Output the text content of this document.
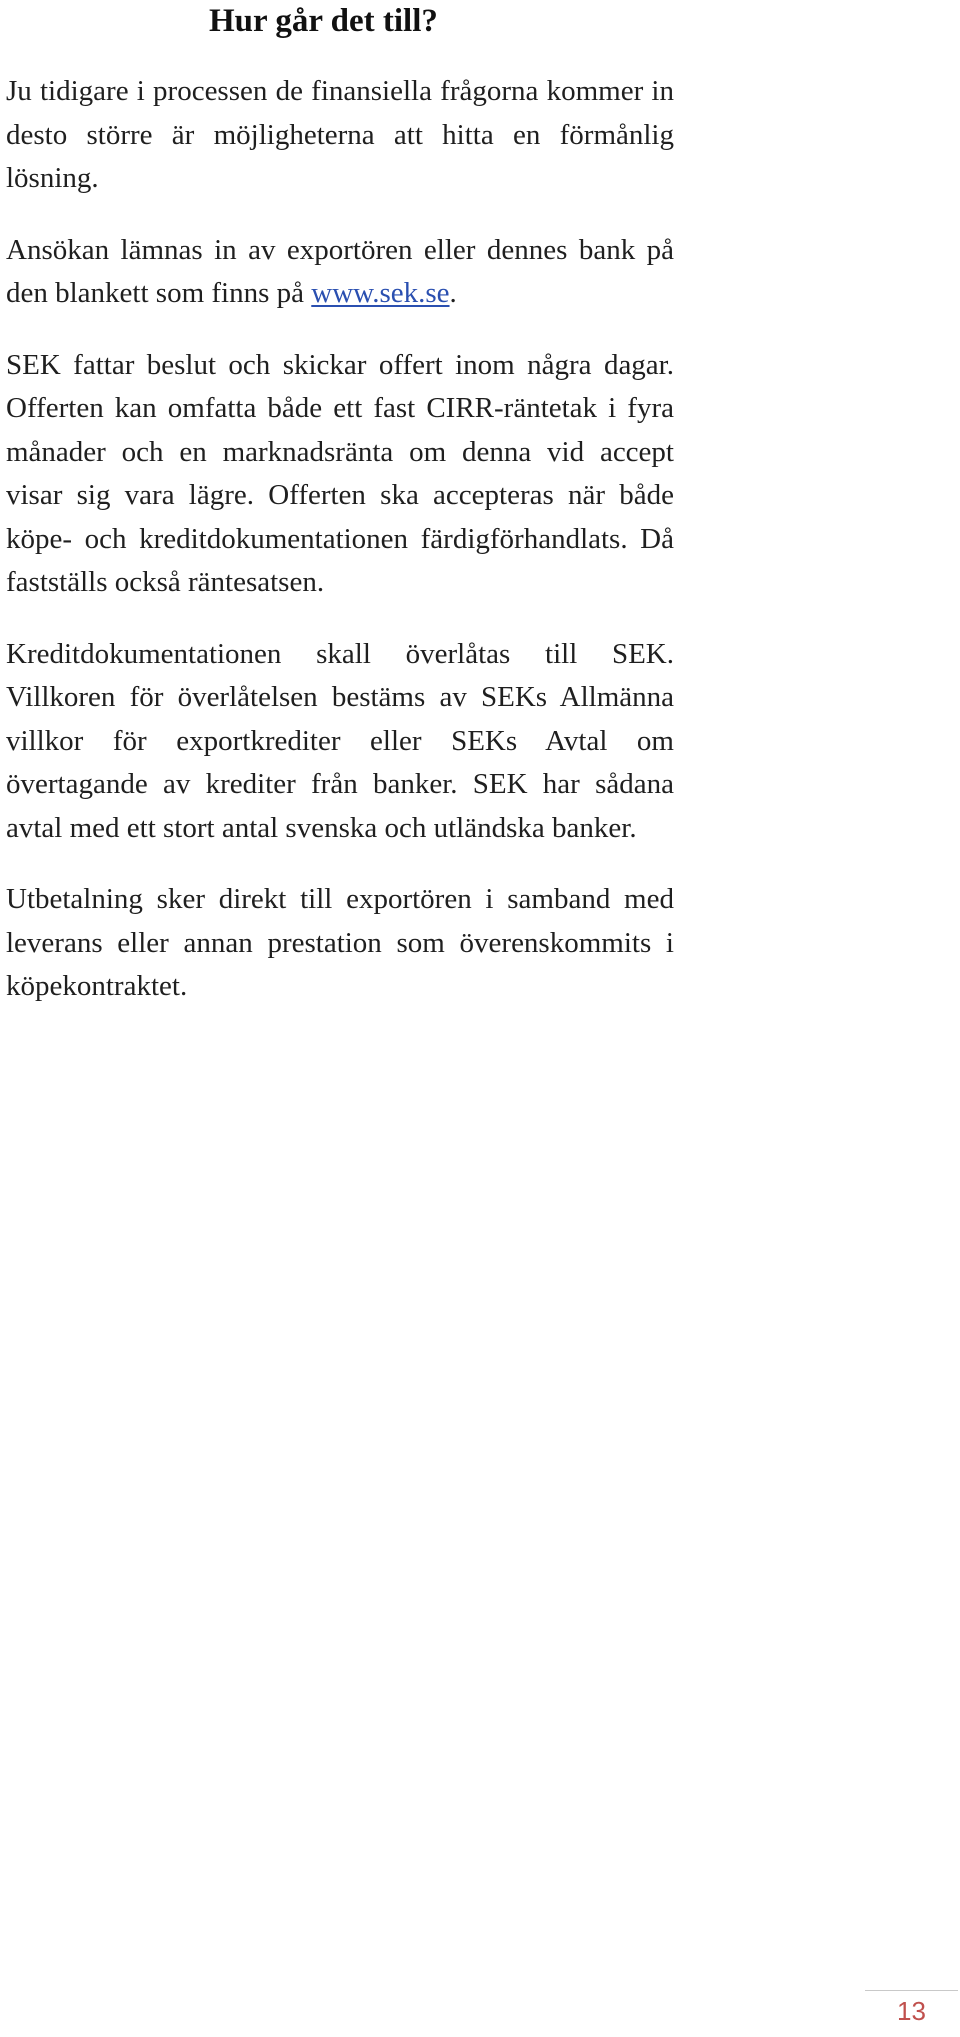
Hur går det till?

Ju tidigare i processen de finansiella frågorna kommer in desto större är möjligheterna att hitta en förmånlig lösning.

Ansökan lämnas in av exportören eller dennes bank på den blankett som finns på www.sek.se.

SEK fattar beslut och skickar offert inom några dagar. Offerten kan omfatta både ett fast CIRR-räntetak i fyra månader och en marknadsränta om denna vid accept visar sig vara lägre. Offerten ska accepteras när både köpe- och kreditdokumentationen färdigförhandlats. Då fastställs också räntesatsen.

Kreditdokumentationen skall överlåtas till SEK. Villkoren för överlåtelsen bestäms av SEKs Allmänna villkor för exportkrediter eller SEKs Avtal om övertagande av krediter från banker. SEK har sådana avtal med ett stort antal svenska och utländska banker.

Utbetalning sker direkt till exportören i samband med leverans eller annan prestation som överenskommits i köpekontraktet.

13
